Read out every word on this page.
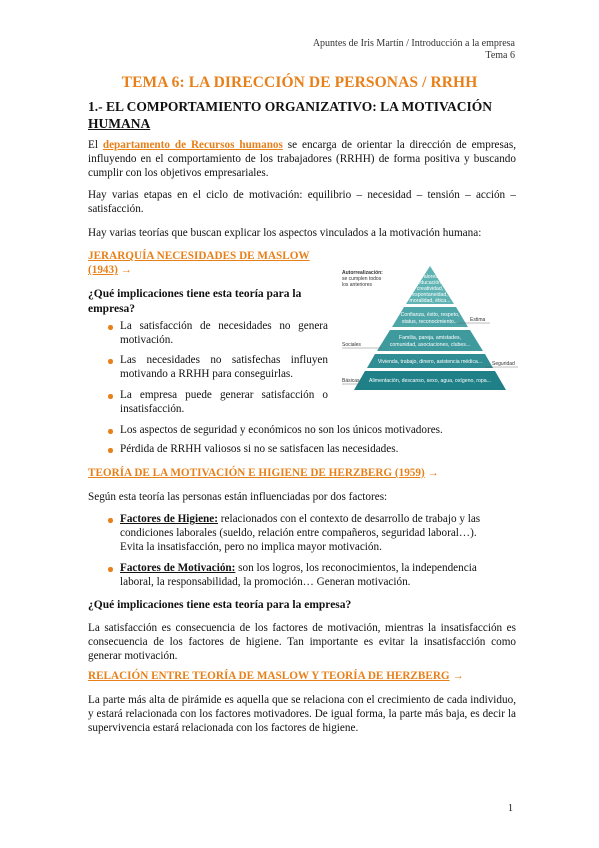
Apuntes de Iris Martín / Introducción a la empresa
Tema 6
TEMA 6: LA DIRECCIÓN DE PERSONAS / RRHH
1.- EL COMPORTAMIENTO ORGANIZATIVO: LA MOTIVACIÓN
HUMANA
El departamento de Recursos humanos se encarga de orientar la dirección de empresas, influyendo en el comportamiento de los trabajadores (RRHH) de forma positiva y buscando cumplir con los objetivos empresariales.
Hay varias etapas en el ciclo de motivación: equilibrio – necesidad – tensión – acción – satisfacción.
Hay varias teorías que buscan explicar los aspectos vinculados a la motivación humana:
JERARQUÍA NECESIDADES DE MASLOW
(1943) →
¿Qué implicaciones tiene esta teoría para la
empresa?
La satisfacción de necesidades no genera motivación.
Las necesidades no satisfechas influyen motivando a RRHH para conseguirlas.
La empresa puede generar satisfacción o insatisfacción.
Los aspectos de seguridad y económicos no son los únicos motivadores.
Pérdida de RRHH valiosos si no se satisfacen las necesidades.
Valores,
educación,
creatividad,
espontaneidad,
moralidad, ética...
Confianza, éxito, respeto,
status, reconocimiento...
Familia, pareja, amistades,
comunidad, asociaciones, clubes...
Vivienda, trabajo, dinero, asistencia médica...
Alimentación, descanso, sexo, agua, oxígeno, ropa...
Autorrealización:
se cumplen todos
los anteriores
Estima
Sociales
Seguridad
Básicas
TEORÍA DE LA MOTIVACIÓN E HIGIENE DE HERZBERG (1959) →
Según esta teoría las personas están influenciadas por dos factores:
Factores de Higiene: relacionados con el contexto de desarrollo de trabajo y las
condiciones laborales (sueldo, relación entre compañeros, seguridad laboral…).
Evita la insatisfacción, pero no implica mayor motivación.
Factores de Motivación: son los logros, los reconocimientos, la independencia
laboral, la responsabilidad, la promoción… Generan motivación.
¿Qué implicaciones tiene esta teoría para la empresa?
La satisfacción es consecuencia de los factores de motivación, mientras la insatisfacción es consecuencia de los factores de higiene. Tan importante es evitar la insatisfacción como generar motivación.
RELACIÓN ENTRE TEORÍA DE MASLOW Y TEORÍA DE HERZBERG →
La parte más alta de pirámide es aquella que se relaciona con el crecimiento de cada individuo, y estará relacionada con los factores motivadores. De igual forma, la parte más baja, es decir la supervivencia estará relacionada con los factores de higiene.
1
